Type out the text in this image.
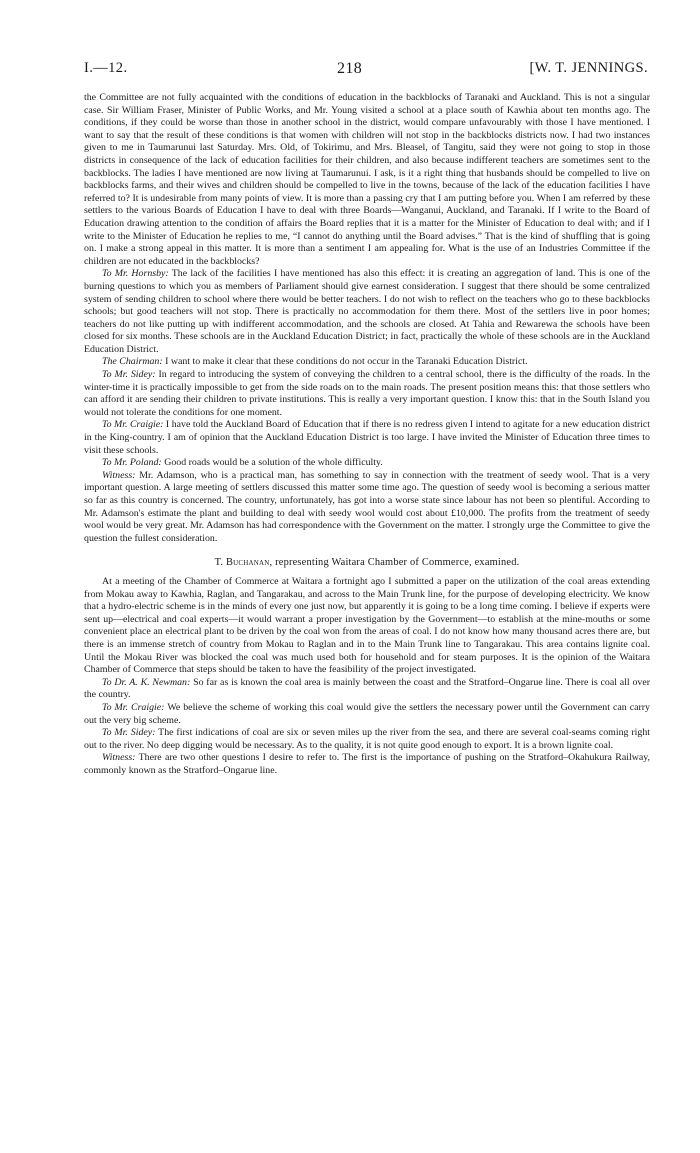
I.—12.	218	[W. T. JENNINGS.

the Committee are not fully acquainted with the conditions of education in the backblocks of Taranaki and Auckland. This is not a singular case. Sir William Fraser, Minister of Public Works, and Mr. Young visited a school at a place south of Kawhia about ten months ago. The conditions, if they could be worse than those in another school in the district, would compare unfavourably with those I have mentioned. I want to say that the result of these conditions is that women with children will not stop in the backblocks districts now. I had two instances given to me in Taumarunui last Saturday. Mrs. Old, of Tokirimu, and Mrs. Bleasel, of Tangitu, said they were not going to stop in those districts in consequence of the lack of education facilities for their children, and also because indifferent teachers are sometimes sent to the backblocks. The ladies I have mentioned are now living at Taumarunui. I ask, is it a right thing that husbands should be compelled to live on backblocks farms, and their wives and children should be compelled to live in the towns, because of the lack of the education facilities I have referred to? It is undesirable from many points of view. It is more than a passing cry that I am putting before you. When I am referred by these settlers to the various Boards of Education I have to deal with three Boards—Wanganui, Auckland, and Taranaki. If I write to the Board of Education drawing attention to the condition of affairs the Board replies that it is a matter for the Minister of Education to deal with; and if I write to the Minister of Education he replies to me, “I cannot do anything until the Board advises.” That is the kind of shuffling that is going on. I make a strong appeal in this matter. It is more than a sentiment I am appealing for. What is the use of an Industries Committee if the children are not educated in the backblocks?

To Mr. Hornsby: The lack of the facilities I have mentioned has also this effect: it is creating an aggregation of land. This is one of the burning questions to which you as members of Parliament should give earnest consideration. I suggest that there should be some centralized system of sending children to school where there would be better teachers. I do not wish to reflect on the teachers who go to these backblocks schools; but good teachers will not stop. There is practically no accommodation for them there. Most of the settlers live in poor homes; teachers do not like putting up with indifferent accommodation, and the schools are closed. At Tahia and Rewarewa the schools have been closed for six months. These schools are in the Auckland Education District; in fact, practically the whole of these schools are in the Auckland Education District.

The Chairman: I want to make it clear that these conditions do not occur in the Taranaki Education District.

To Mr. Sidey: In regard to introducing the system of conveying the children to a central school, there is the difficulty of the roads. In the winter-time it is practically impossible to get from the side roads on to the main roads. The present position means this: that those settlers who can afford it are sending their children to private institutions. This is really a very important question. I know this: that in the South Island you would not tolerate the conditions for one moment.

To Mr. Craigie: I have told the Auckland Board of Education that if there is no redress given I intend to agitate for a new education district in the King-country. I am of opinion that the Auckland Education District is too large. I have invited the Minister of Education three times to visit these schools.

To Mr. Poland: Good roads would be a solution of the whole difficulty.

Witness: Mr. Adamson, who is a practical man, has something to say in connection with the treatment of seedy wool. That is a very important question. A large meeting of settlers discussed this matter some time ago. The question of seedy wool is becoming a serious matter so far as this country is concerned. The country, unfortunately, has got into a worse state since labour has not been so plentiful. According to Mr. Adamson's estimate the plant and building to deal with seedy wool would cost about £10,000. The profits from the treatment of seedy wool would be very great. Mr. Adamson has had correspondence with the Government on the matter. I strongly urge the Committee to give the question the fullest consideration.

T. Buchanan, representing Waitara Chamber of Commerce, examined.

At a meeting of the Chamber of Commerce at Waitara a fortnight ago I submitted a paper on the utilization of the coal areas extending from Mokau away to Kawhia, Raglan, and Tangarakau, and across to the Main Trunk line, for the purpose of developing electricity. We know that a hydro-electric scheme is in the minds of every one just now, but apparently it is going to be a long time coming. I believe if experts were sent up—electrical and coal experts—it would warrant a proper investigation by the Government—to establish at the mine-mouths or some convenient place an electrical plant to be driven by the coal won from the areas of coal. I do not know how many thousand acres there are, but there is an immense stretch of country from Mokau to Raglan and in to the Main Trunk line to Tangarakau. This area contains lignite coal. Until the Mokau River was blocked the coal was much used both for household and for steam purposes. It is the opinion of the Waitara Chamber of Commerce that steps should be taken to have the feasibility of the project investigated.

To Dr. A. K. Newman: So far as is known the coal area is mainly between the coast and the Stratford–Ongarue line. There is coal all over the country.

To Mr. Craigie: We believe the scheme of working this coal would give the settlers the necessary power until the Government can carry out the very big scheme.

To Mr. Sidey: The first indications of coal are six or seven miles up the river from the sea, and there are several coal-seams coming right out to the river. No deep digging would be necessary. As to the quality, it is not quite good enough to export. It is a brown lignite coal.

Witness: There are two other questions I desire to refer to. The first is the importance of pushing on the Stratford–Okahukura Railway, commonly known as the Stratford–Ongarue line.
